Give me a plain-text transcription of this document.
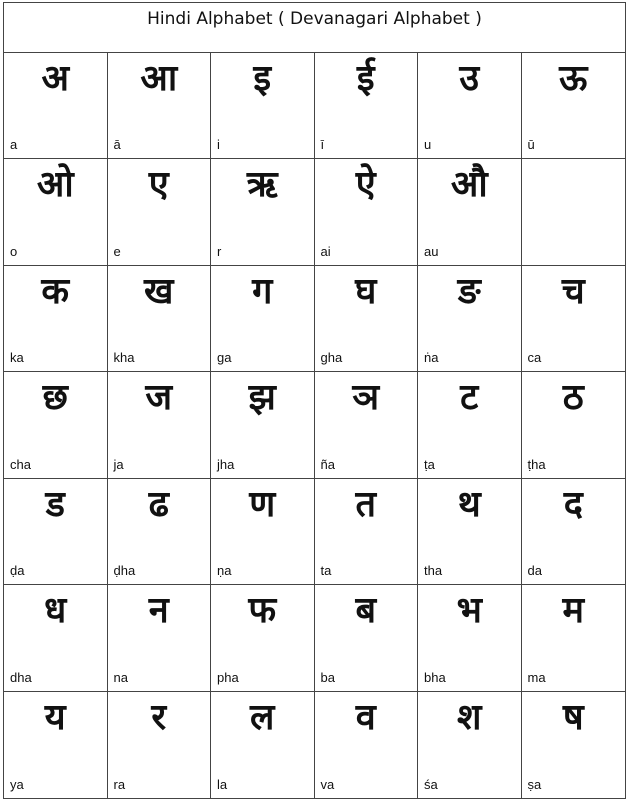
Hindi Alphabet ( Devanagari Alphabet )
अ
a
आ
ā
इ
i
ई
ī
उ
u
ऊ
ū
ओ
o
ए
e
ऋ
r
ऐ
ai
औ
au
क
ka
ख
kha
ग
ga
घ
gha
ङ
ṅa
च
ca
छ
cha
ज
ja
झ
jha
ञ
ña
ट
ṭa
ठ
ṭha
ड
ḍa
ढ
ḍha
ण
ṇa
त
ta
थ
tha
द
da
ध
dha
न
na
फ
pha
ब
ba
भ
bha
म
ma
य
ya
र
ra
ल
la
व
va
श
śa
ष
ṣa
